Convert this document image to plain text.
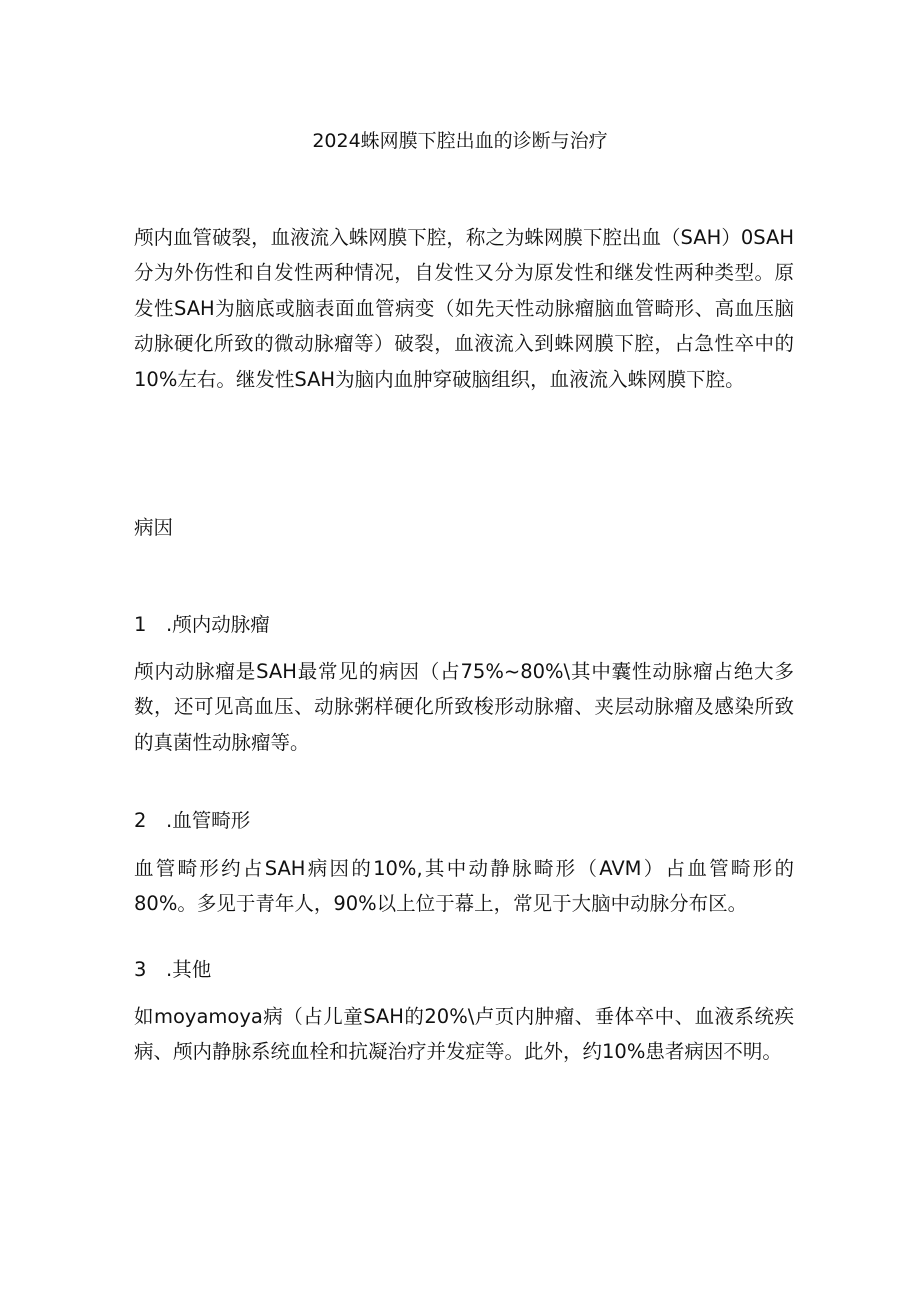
2024蛛网膜下腔出血的诊断与治疗

颅内血管破裂，血液流入蛛网膜下腔，称之为蛛网膜下腔出血（SAH）0SAH分为外伤性和自发性两种情况，自发性又分为原发性和继发性两种类型。原发性SAH为脑底或脑表面血管病变（如先天性动脉瘤脑血管畸形、高血压脑动脉硬化所致的微动脉瘤等）破裂，血液流入到蛛网膜下腔，占急性卒中的10%左右。继发性SAH为脑内血肿穿破脑组织，血液流入蛛网膜下腔。

病因
1 .颅内动脉瘤

颅内动脉瘤是SAH最常见的病因（占75%~80%\其中囊性动脉瘤占绝大多数，还可见高血压、动脉粥样硬化所致梭形动脉瘤、夹层动脉瘤及感染所致的真菌性动脉瘤等。

2 .血管畸形

血管畸形约占SAH病因的10%,其中动静脉畸形（AVM）占血管畸形的80%。多见于青年人，90%以上位于幕上，常见于大脑中动脉分布区。

3 .其他

如moyamoya病（占儿童SAH的20%\卢页内肿瘤、垂体卒中、血液系统疾病、颅内静脉系统血栓和抗凝治疗并发症等。此外，约10%患者病因不明。
